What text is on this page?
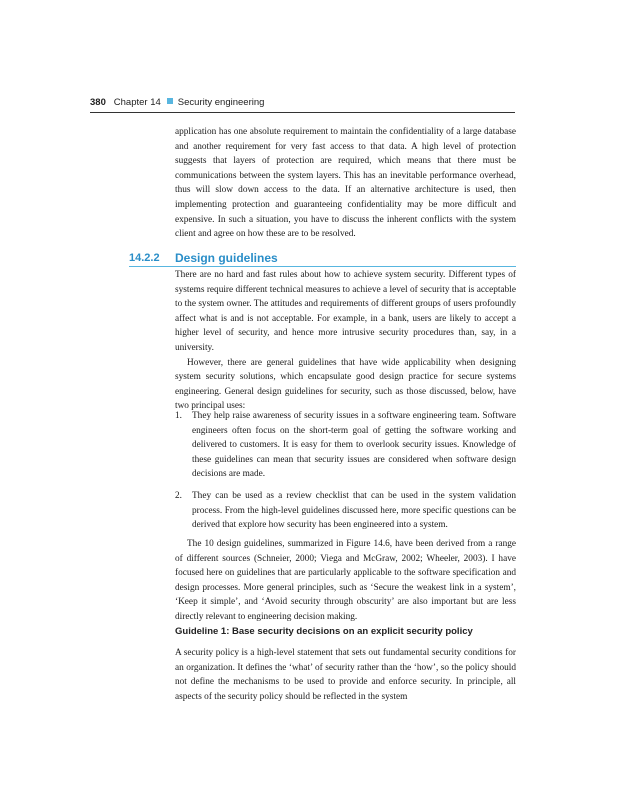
380 Chapter 14 Security engineering

application has one absolute requirement to maintain the confidentiality of a large database and another requirement for very fast access to that data. A high level of protection suggests that layers of protection are required, which means that there must be communications between the system layers. This has an inevitable performance overhead, thus will slow down access to the data. If an alternative architecture is used, then implementing protection and guaranteeing confidentiality may be more difficult and expensive. In such a situation, you have to discuss the inherent conflicts with the system client and agree on how these are to be resolved.

14.2.2 Design guidelines

There are no hard and fast rules about how to achieve system security. Different types of systems require different technical measures to achieve a level of security that is acceptable to the system owner. The attitudes and requirements of different groups of users profoundly affect what is and is not acceptable. For example, in a bank, users are likely to accept a higher level of security, and hence more intrusive security procedures than, say, in a university.

However, there are general guidelines that have wide applicability when designing system security solutions, which encapsulate good design practice for secure systems engineering. General design guidelines for security, such as those discussed, below, have two principal uses:

1. They help raise awareness of security issues in a software engineering team. Software engineers often focus on the short-term goal of getting the software working and delivered to customers. It is easy for them to overlook security issues. Knowledge of these guidelines can mean that security issues are considered when software design decisions are made.
2. They can be used as a review checklist that can be used in the system validation process. From the high-level guidelines discussed here, more specific questions can be derived that explore how security has been engineered into a system.

The 10 design guidelines, summarized in Figure 14.6, have been derived from a range of different sources (Schneier, 2000; Viega and McGraw, 2002; Wheeler, 2003). I have focused here on guidelines that are particularly applicable to the software specification and design processes. More general principles, such as ‘Secure the weakest link in a system’, ‘Keep it simple’, and ‘Avoid security through obscurity’ are also important but are less directly relevant to engineering decision making.

Guideline 1: Base security decisions on an explicit security policy

A security policy is a high-level statement that sets out fundamental security conditions for an organization. It defines the ‘what’ of security rather than the ‘how’, so the policy should not define the mechanisms to be used to provide and enforce security. In principle, all aspects of the security policy should be reflected in the system
